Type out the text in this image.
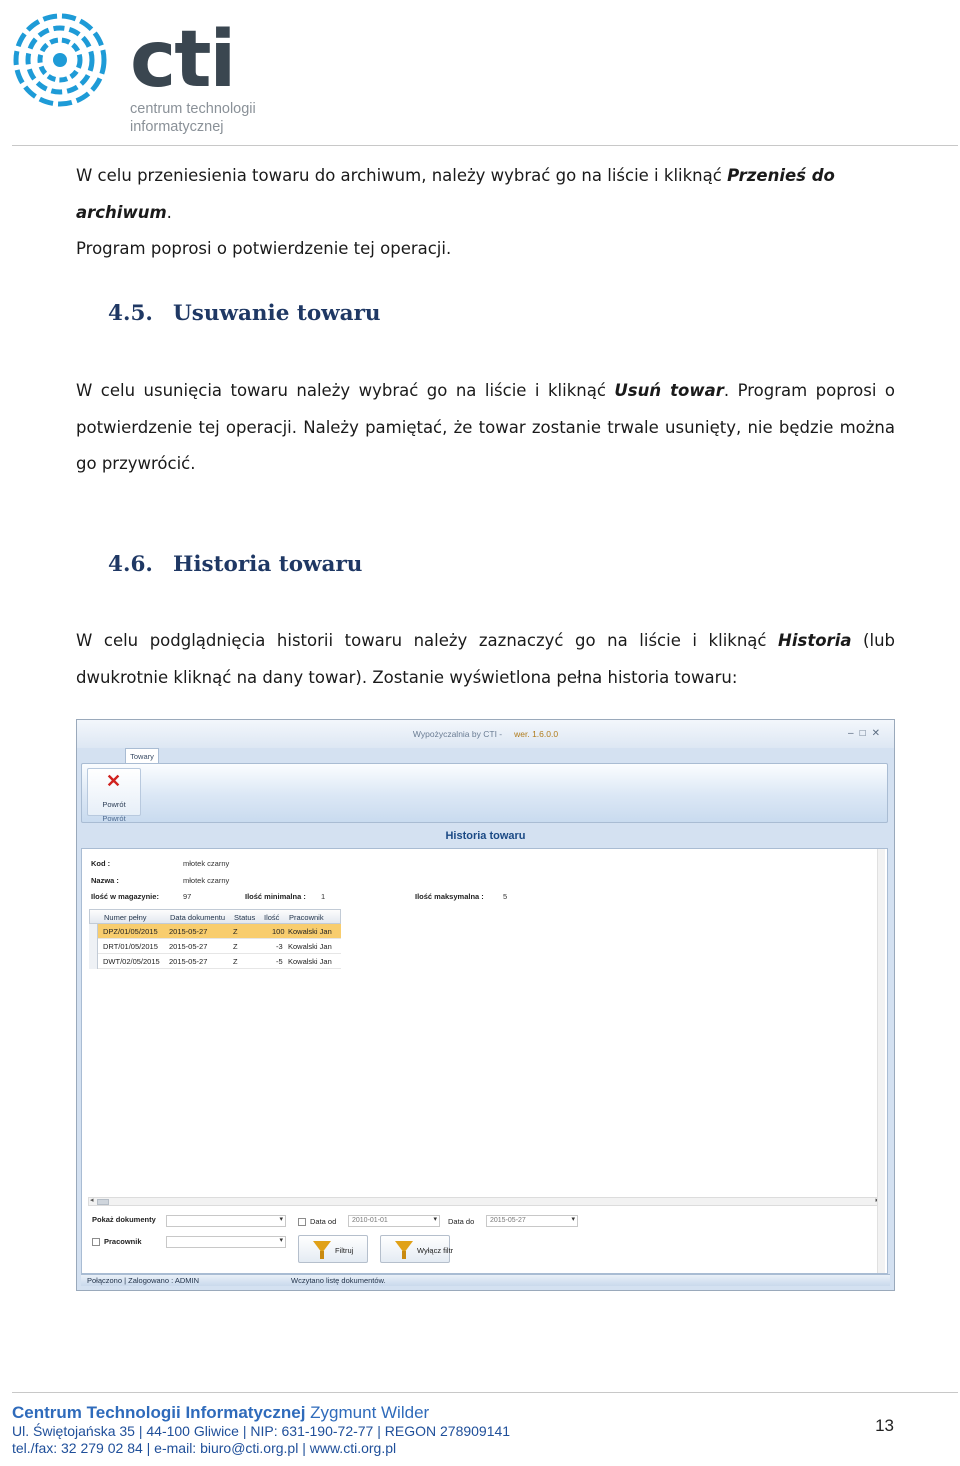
cti
centrum technologii
informatycznej
W celu przeniesienia towaru do archiwum, należy wybrać go na liście i kliknąć Przenieś do archiwum.
Program poprosi o potwierdzenie tej operacji.
4.5. Usuwanie towaru
W celu usunięcia towaru należy wybrać go na liście i kliknąć Usuń towar. Program poprosi o potwierdzenie tej operacji. Należy pamiętać, że towar zostanie trwale usunięty, nie będzie można go przywrócić.
4.6. Historia towaru
W celu podglądnięcia historii towaru należy zaznaczyć go na liście i kliknąć Historia (lub dwukrotnie kliknąć na dany towar). Zostanie wyświetlona pełna historia towaru:
Wypożyczalnia by CTI - wer. 1.6.0.0	–□✕
Towary
✕
Powrót
Powrót
Historia towaru
Kod :	młotek czarny
Nazwa :	młotek czarny
Ilość w magazynie:	97	Ilość minimalna : 1	Ilość maksymalna :	5
Numer pełny	Data dokumentu Status Ilość Pracownik
DPZ/01/05/2015 2015-05-27	Z	100 Kowalski Jan
DRT/01/05/2015 2015-05-27	Z	-3 Kowalski Jan
DWT/02/05/2015 2015-05-27	Z	-5 Kowalski Jan
◂
Pokaż dokumenty	▾
Pracownik	▾
Data od 2010-01-01	▾ Data do 2015-05-27	▾
Filtruj	Wyłącz filtr
Połączono | Zalogowano : ADMIN	Wczytano listę dokumentów.
Centrum Technologii Informatycznej Zygmunt Wilder
Ul. Świętojańska 35 | 44-100 Gliwice | NIP: 631-190-72-77 | REGON 278909141
tel./fax: 32 279 02 84 | e-mail: biuro@cti.org.pl | www.cti.org.pl
13
